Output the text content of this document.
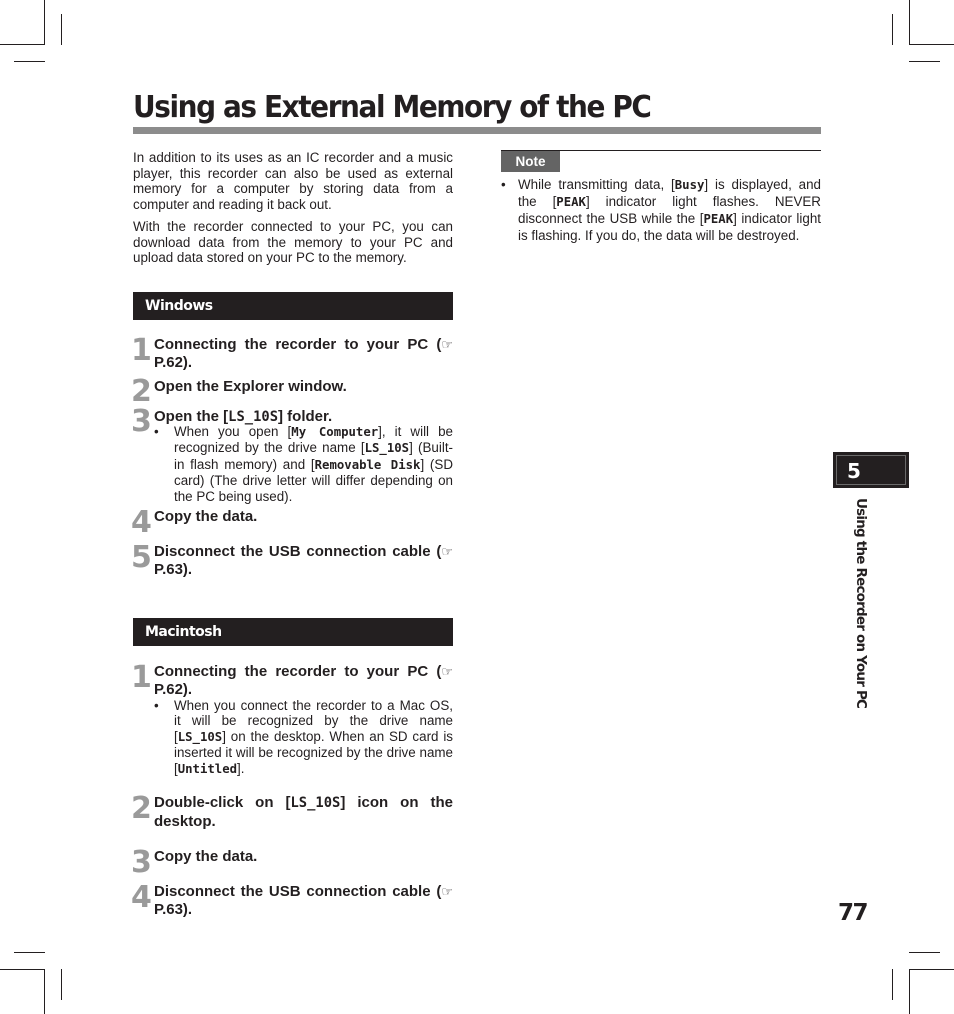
Using as External Memory of the PC

In addition to its uses as an IC recorder and a music player, this recorder can also be used as external memory for a computer by storing data from a computer and reading it back out.

With the recorder connected to your PC, you can download data from the memory to your PC and upload data stored on your PC to the memory.

Windows
1 Connecting the recorder to your PC (☞ P.62).

2 Open the Explorer window.

3 Open the [LS_10S] folder.

• When you open [My Computer], it will be recognized by the drive name [LS_10S] (Built-in flash memory) and [Removable Disk] (SD card) (The drive letter will differ depending on the PC being used).

4 Copy the data.

5 Disconnect the USB connection cable (☞ P.63).

Macintosh
1 Connecting the recorder to your PC (☞ P.62).

• When you connect the recorder to a Mac OS, it will be recognized by the drive name [LS_10S] on the desktop. When an SD card is inserted it will be recognized by the drive name [Untitled].

2 Double-click on [LS_10S] icon on the desktop.

3 Copy the data.

4 Disconnect the USB connection cable (☞ P.63).

Note

• While transmitting data, [Busy] is displayed, and the [PEAK] indicator light flashes. NEVER disconnect the USB while the [PEAK] indicator light is flashing. If you do, the data will be destroyed.

5
Using the Recorder on Your PC
77
